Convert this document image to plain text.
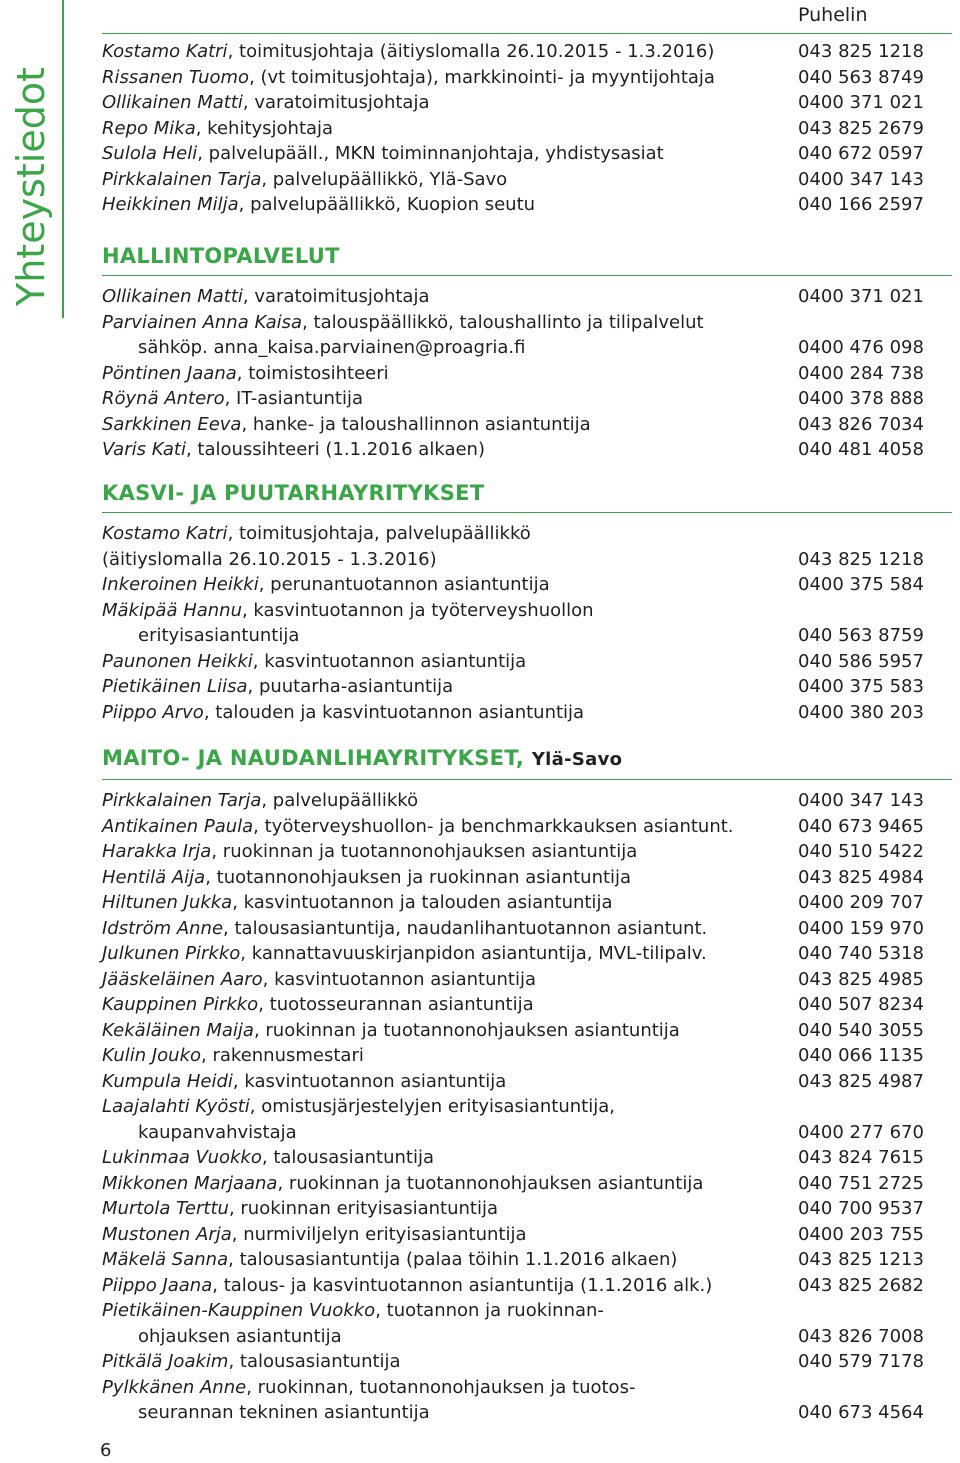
Yhteystiedot
Puhelin
Kostamo Katri, toimitusjohtaja (äitiyslomalla 26.10.2015 - 1.3.2016)	043 825 1218
Rissanen Tuomo, (vt toimitusjohtaja), markkinointi- ja myyntijohtaja	040 563 8749
Ollikainen Matti, varatoimitusjohtaja	0400 371 021
Repo Mika, kehitysjohtaja	043 825 2679
Sulola Heli, palvelupääll., MKN toiminnanjohtaja, yhdistysasiat	040 672 0597
Pirkkalainen Tarja, palvelupäällikkö, Ylä-Savo	0400 347 143
Heikkinen Milja, palvelupäällikkö, Kuopion seutu	040 166 2597
HALLINTOPALVELUT
Ollikainen Matti, varatoimitusjohtaja	0400 371 021
Parviainen Anna Kaisa, talouspäällikkö, taloushallinto ja tilipalvelut
sähköp. anna_kaisa.parviainen@proagria.fi	0400 476 098
Pöntinen Jaana, toimistosihteeri	0400 284 738
Röynä Antero, IT-asiantuntija	0400 378 888
Sarkkinen Eeva, hanke- ja taloushallinnon asiantuntija	043 826 7034
Varis Kati, taloussihteeri (1.1.2016 alkaen)	040 481 4058
KASVI- JA PUUTARHAYRITYKSET
Kostamo Katri, toimitusjohtaja, palvelupäällikkö
(äitiyslomalla 26.10.2015 - 1.3.2016)	043 825 1218
Inkeroinen Heikki, perunantuotannon asiantuntija	0400 375 584
Mäkipää Hannu, kasvintuotannon ja työterveyshuollon
erityisasiantuntija	040 563 8759
Paunonen Heikki, kasvintuotannon asiantuntija	040 586 5957
Pietikäinen Liisa, puutarha-asiantuntija	0400 375 583
Piippo Arvo, talouden ja kasvintuotannon asiantuntija	0400 380 203
MAITO- JA NAUDANLIHAYRITYKSET, Ylä-Savo
Pirkkalainen Tarja, palvelupäällikkö	0400 347 143
Antikainen Paula, työterveyshuollon- ja benchmarkkauksen asiantunt.	040 673 9465
Harakka Irja, ruokinnan ja tuotannonohjauksen asiantuntija	040 510 5422
Hentilä Aija, tuotannonohjauksen ja ruokinnan asiantuntija	043 825 4984
Hiltunen Jukka, kasvintuotannon ja talouden asiantuntija	0400 209 707
Idström Anne, talousasiantuntija, naudanlihantuotannon asiantunt.	0400 159 970
Julkunen Pirkko, kannattavuuskirjanpidon asiantuntija, MVL-tilipalv.	040 740 5318
Jääskeläinen Aaro, kasvintuotannon asiantuntija	043 825 4985
Kauppinen Pirkko, tuotosseurannan asiantuntija	040 507 8234
Kekäläinen Maija, ruokinnan ja tuotannonohjauksen asiantuntija	040 540 3055
Kulin Jouko, rakennusmestari	040 066 1135
Kumpula Heidi, kasvintuotannon asiantuntija	043 825 4987
Laajalahti Kyösti, omistusjärjestelyjen erityisasiantuntija,
kaupanvahvistaja	0400 277 670
Lukinmaa Vuokko, talousasiantuntija	043 824 7615
Mikkonen Marjaana, ruokinnan ja tuotannonohjauksen asiantuntija	040 751 2725
Murtola Terttu, ruokinnan erityisasiantuntija	040 700 9537
Mustonen Arja, nurmiviljelyn erityisasiantuntija	0400 203 755
Mäkelä Sanna, talousasiantuntija (palaa töihin 1.1.2016 alkaen)	043 825 1213
Piippo Jaana, talous- ja kasvintuotannon asiantuntija (1.1.2016 alk.)	043 825 2682
Pietikäinen-Kauppinen Vuokko, tuotannon ja ruokinnan-
ohjauksen asiantuntija	043 826 7008
Pitkälä Joakim, talousasiantuntija	040 579 7178
Pylkkänen Anne, ruokinnan, tuotannonohjauksen ja tuotos-
seurannan tekninen asiantuntija	040 673 4564
6
